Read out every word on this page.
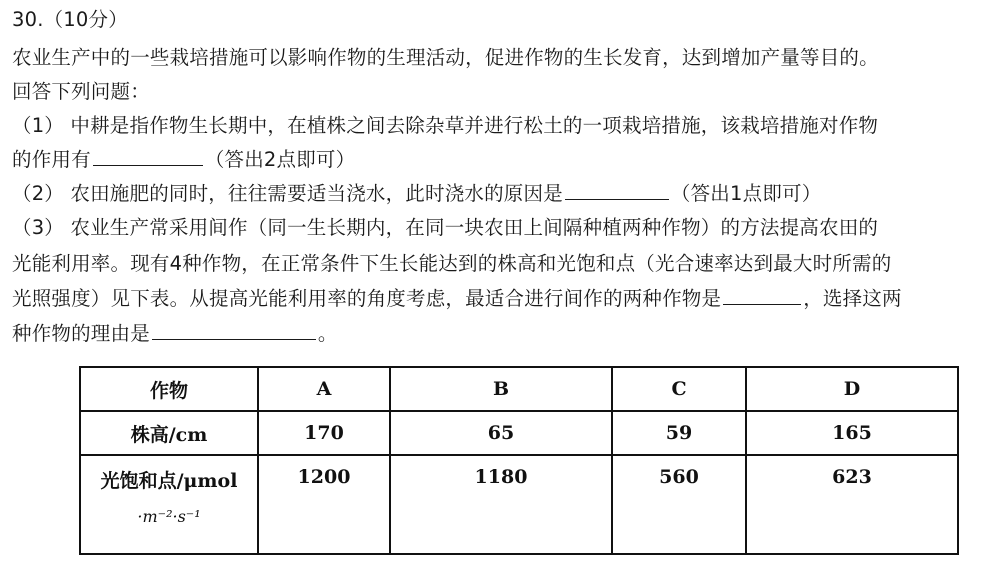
30.（10分）
农业生产中的一些栽培措施可以影响作物的生理活动，促进作物的生长发育，达到增加产量等目的。
回答下列问题：
（1） 中耕是指作物生长期中，在植株之间去除杂草并进行松土的一项栽培措施，该栽培措施对作物
的作用有	（答出2点即可）
（2） 农田施肥的同时，往往需要适当浇水，此时浇水的原因是	（答出1点即可）
（3） 农业生产常采用间作（同一生长期内，在同一块农田上间隔种植两种作物）的方法提高农田的
光能利用率。现有4种作物，在正常条件下生长能达到的株高和光饱和点（光合速率达到最大时所需的
光照强度）见下表。从提高光能利用率的角度考虑，最适合进行间作的两种作物是	，选择这两
种作物的理由是	。
作物	A	B	C	D
株高/cm	170	65	59	165
光饱和点/μmol
·m⁻²·s⁻¹	1200	1180	560	623
